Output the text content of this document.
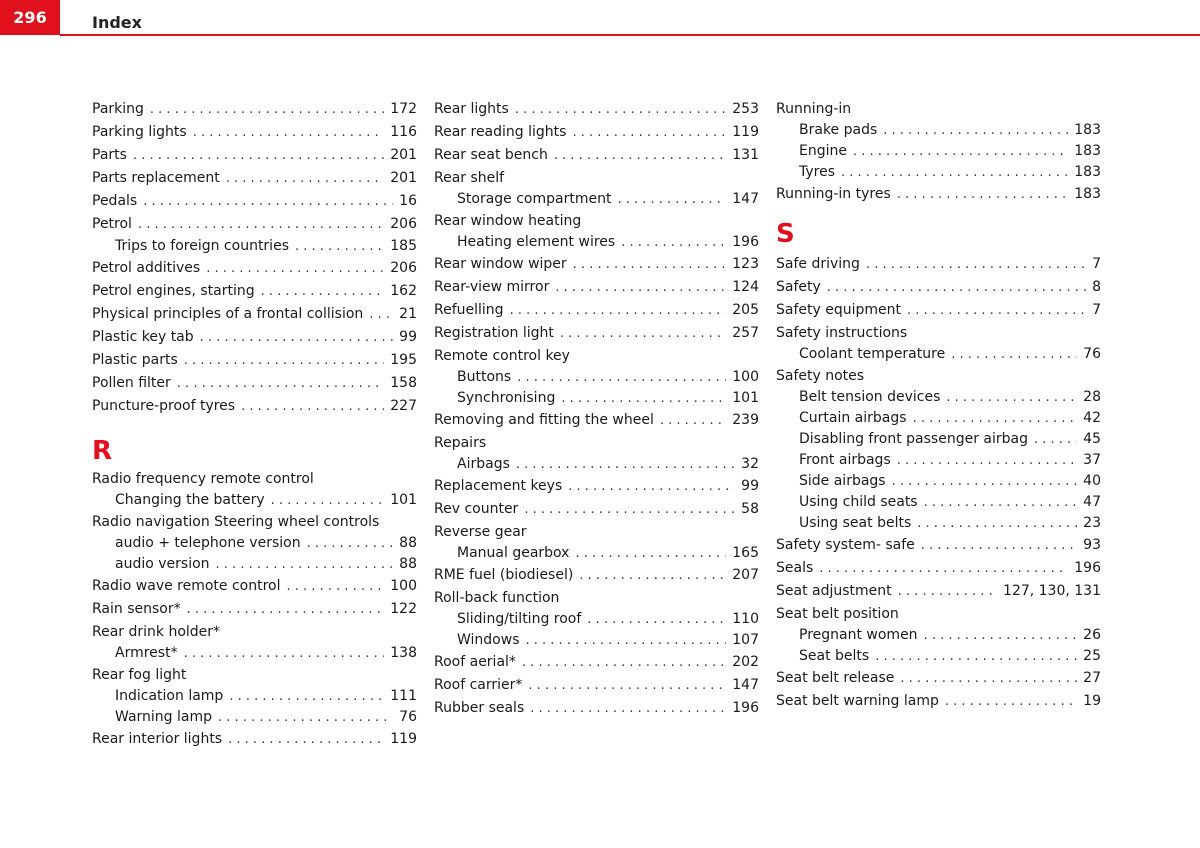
296	Index
Parking . . .	172
Parking lights . . .	116
Parts . . .	201
Parts replacement . . .	201
Pedals . . .	16
Petrol . . .	206
Trips to foreign countries . . .	185
Petrol additives . . .	206
Petrol engines, starting . . .	162
Physical principles of a frontal collision . . .	21
Plastic key tab . . .	99
Plastic parts . . .	195
Pollen filter . . .	158
Puncture-proof tyres . . .	227
R
Radio frequency remote control
Changing the battery . . .	101
Radio navigation Steering wheel controls
audio + telephone version . . .	88
audio version . . .	88
Radio wave remote control . . .	100
Rain sensor* . . .	122
Rear drink holder*
Armrest* . . .	138
Rear fog light
Indication lamp . . .	111
Warning lamp . . .	76
Rear interior lights . . .	119
Rear lights . . .	253
Rear reading lights . . .	119
Rear seat bench . . .	131
Rear shelf
Storage compartment . . .	147
Rear window heating
Heating element wires . . .	196
Rear window wiper . . .	123
Rear-view mirror . . .	124
Refuelling . . .	205
Registration light . . .	257
Remote control key
Buttons . . .	100
Synchronising . . .	101
Removing and fitting the wheel . . .	239
Repairs
Airbags . . .	32
Replacement keys . . .	99
Rev counter . . .	58
Reverse gear
Manual gearbox . . .	165
RME fuel (biodiesel) . . .	207
Roll-back function
Sliding/tilting roof . . .	110
Windows . . .	107
Roof aerial* . . .	202
Roof carrier* . . .	147
Rubber seals . . .	196
Running-in
Brake pads . . .	183
Engine . . .	183
Tyres . . .	183
Running-in tyres . . .	183
S
Safe driving . . .	7
Safety . . .	8
Safety equipment . . .	7
Safety instructions
Coolant temperature . . .	76
Safety notes
Belt tension devices . . .	28
Curtain airbags . . .	42
Disabling front passenger airbag . . .	45
Front airbags . . .	37
Side airbags . . .	40
Using child seats . . .	47
Using seat belts . . .	23
Safety system- safe . . .	93
Seals . . .	196
Seat adjustment . . .	127, 130, 131
Seat belt position
Pregnant women . . .	26
Seat belts . . .	25
Seat belt release . . .	27
Seat belt warning lamp . . .	19
